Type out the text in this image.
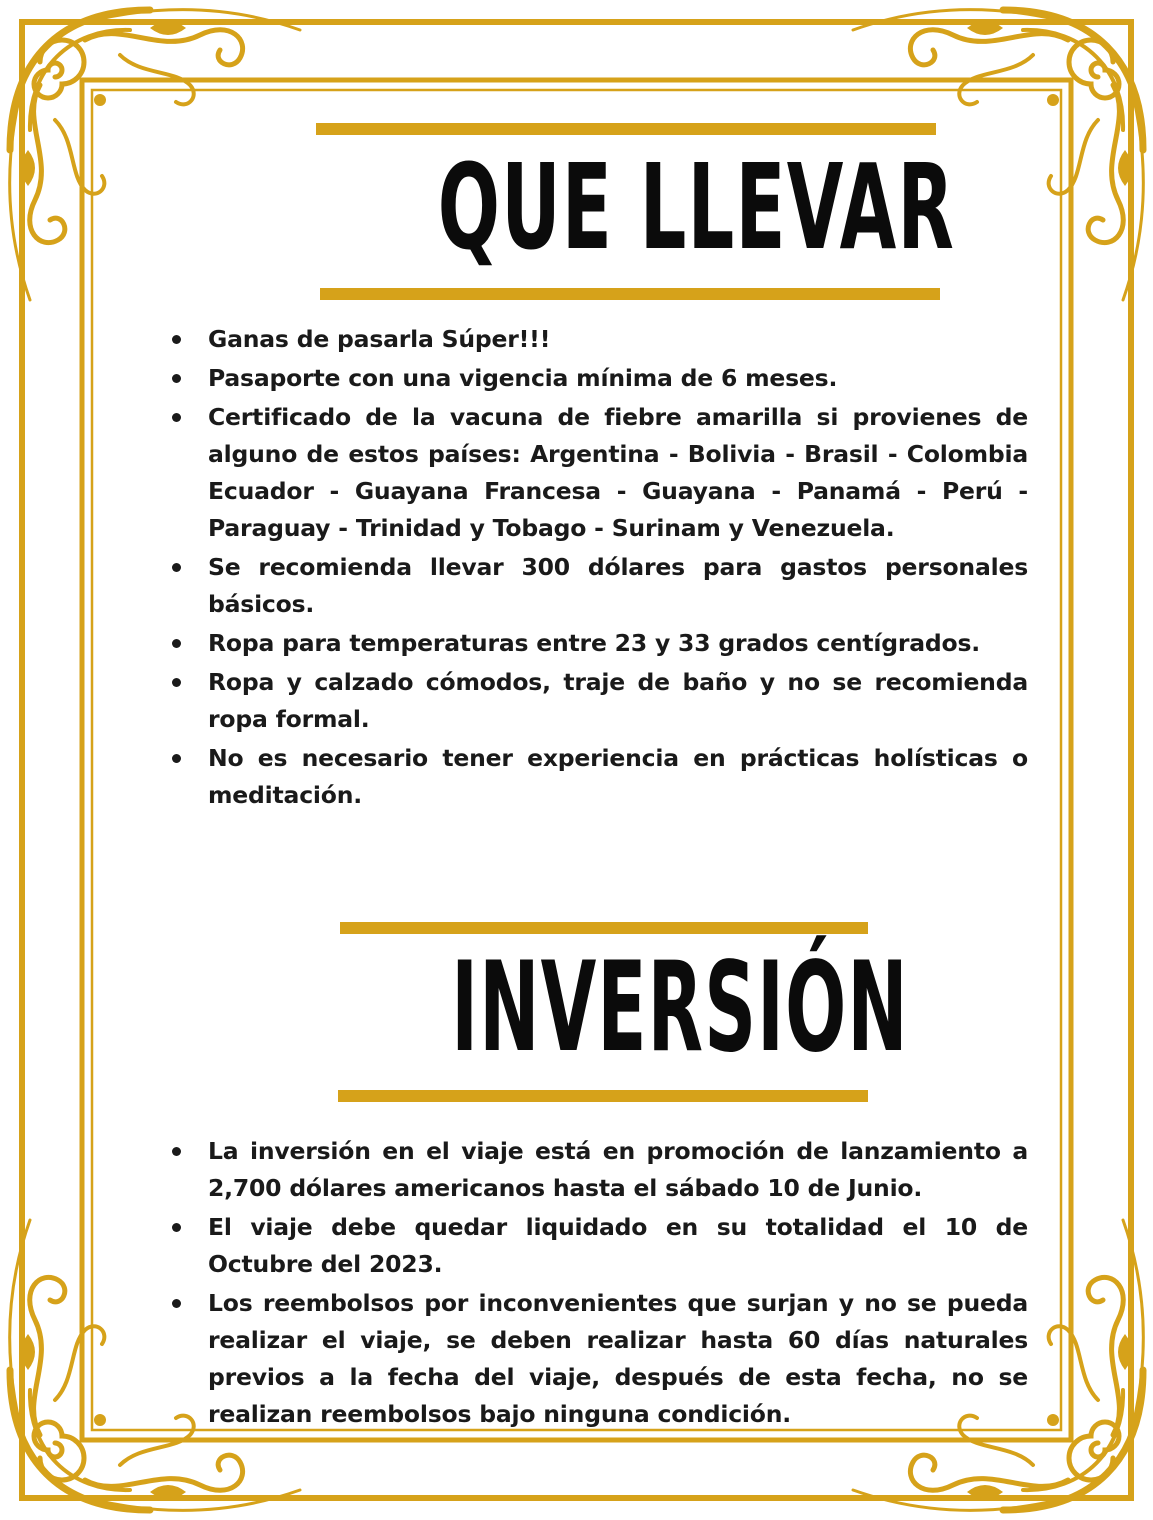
QUE LLEVAR
Ganas de pasarla Súper!!!
Pasaporte con una vigencia mínima de 6 meses.
Certificado de la vacuna de fiebre amarilla si provienes de alguno de estos países: Argentina - Bolivia - Brasil - Colombia Ecuador - Guayana Francesa - Guayana - Panamá - Perú - Paraguay - Trinidad y Tobago - Surinam y Venezuela.
Se recomienda llevar 300 dólares para gastos personales básicos.
Ropa para temperaturas entre 23 y 33 grados centígrados.
Ropa y calzado cómodos, traje de baño y no se recomienda ropa formal.
No es necesario tener experiencia en prácticas holísticas o meditación.
INVERSIÓN
La inversión en el viaje está en promoción de lanzamiento a 2,700 dólares americanos hasta el sábado 10 de Junio.
El viaje debe quedar liquidado en su totalidad el 10 de Octubre del 2023.
Los reembolsos por inconvenientes que surjan y no se pueda realizar el viaje, se deben realizar hasta 60 días naturales previos a la fecha del viaje, después de esta fecha, no se realizan reembolsos bajo ninguna condición.
